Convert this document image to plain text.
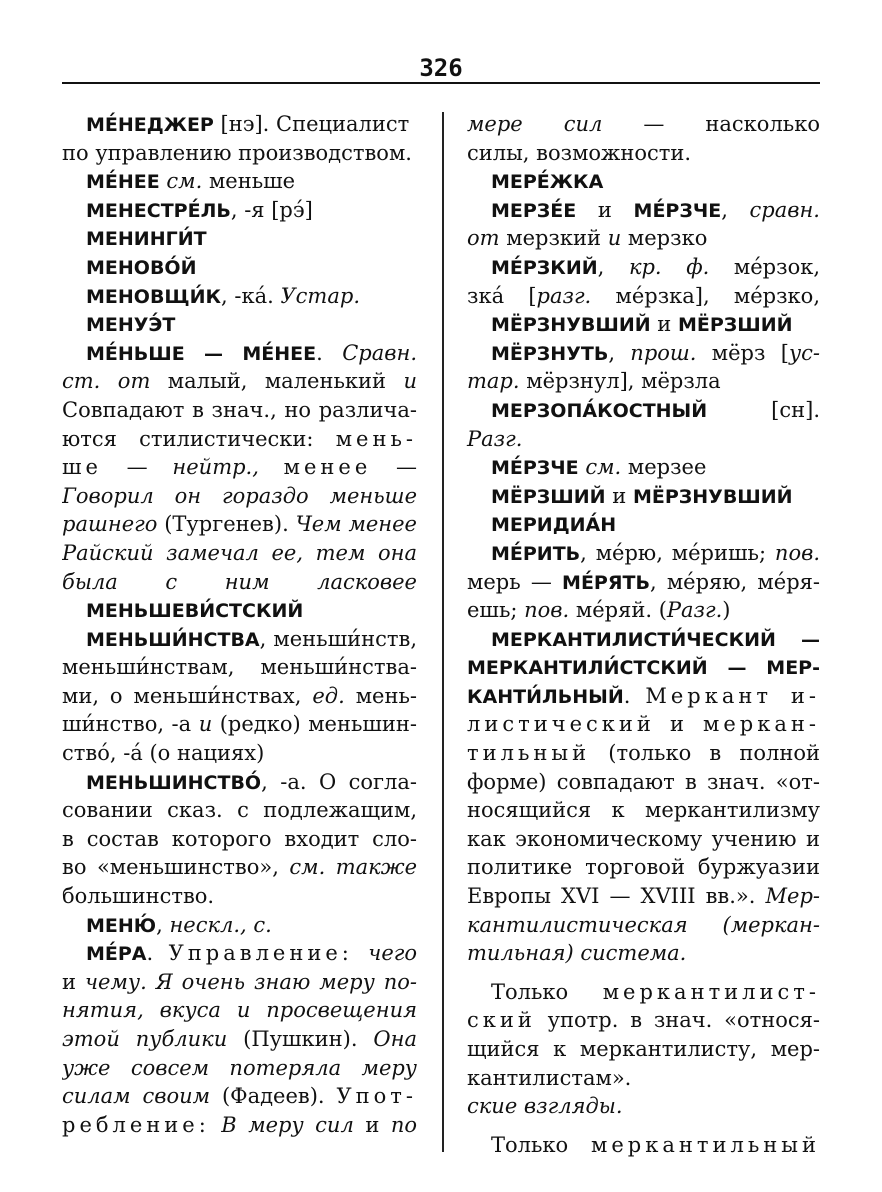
326
МЕ́НЕДЖЕР [нэ]. Специалист
по управлению производством.
МЕ́НЕЕ см. меньше
МЕНЕСТРЕ́ЛЬ, -я [рэ́]
МЕНИНГИ́Т
МЕНОВО́Й
МЕНОВЩИ́К, -ка́. Устар.
МЕНУЭ́Т
МЕ́НЬШЕ — МЕ́НЕЕ. Сравн.
ст. от малый, маленький и
Совпадают в знач., но различа-
ются стилистически: мень-
ше — нейтр., менее —
Говорил он гораздо меньше
рашнего (Тургенев). Чем менее
Райский замечал ее, тем она
была с ним ласковее
МЕНЬШЕВИ́СТСКИЙ
МЕНЬШИ́НСТВА, меньши́нств,
меньши́нствам, меньши́нства-
ми, о меньши́нствах, ед. мень-
ши́нство, -а и (редко) меньшин-
ство́, -а́ (о нациях)
МЕНЬШИНСТВО́, -а. О согла-
совании сказ. с подлежащим,
в состав которого входит сло-
во «меньшинство», см. также
большинство.
МЕНЮ́, нескл., с.
МЕ́РА. Управление: чего
и чему. Я очень знаю меру по-
нятия, вкуса и просвещения
этой публики (Пушкин). Она
уже совсем потеряла меру
силам своим (Фадеев). Упот-
ребление: В меру сил и по
мере сил — насколько
силы, возможности.
МЕРЕ́ЖКА
МЕРЗЕ́Е и МЕ́РЗЧЕ, сравн.
от мерзкий и мерзко
МЕ́РЗКИЙ, кр. ф. ме́рзок,
зка́ [разг. ме́рзка], ме́рзко,
МЁРЗНУВШИЙ и МЁРЗШИЙ
МЁРЗНУТЬ, прош. мёрз [ус-
тар. мёрзнул], мёрзла
МЕРЗОПА́КОСТНЫЙ [сн].
Разг.
МЕ́РЗЧЕ см. мерзее
МЁРЗШИЙ и МЁРЗНУВШИЙ
МЕРИДИА́Н
МЕ́РИТЬ, ме́рю, ме́ришь; пов.
мерь — МЕ́РЯТЬ, ме́ряю, ме́ря-
ешь; пов. ме́ряй. (Разг.)
МЕРКАНТИЛИСТИ́ЧЕСКИЙ —
МЕРКАНТИЛИ́СТСКИЙ — МЕР-
КАНТИ́ЛЬНЫЙ. Меркант и-
листический и меркан-
тильный (только в полной
форме) совпадают в знач. «от-
носящийся к меркантилизму
как экономическому учению и
политике торговой буржуазии
Европы XVI — XVIII вв.». Мер-
кантилистическая (меркан-
тильная) система.
Только меркантилист-
ский употр. в знач. «относя-
щийся к меркантилисту, мер-
кантилистам».
ские взгляды.
Только меркантильный
